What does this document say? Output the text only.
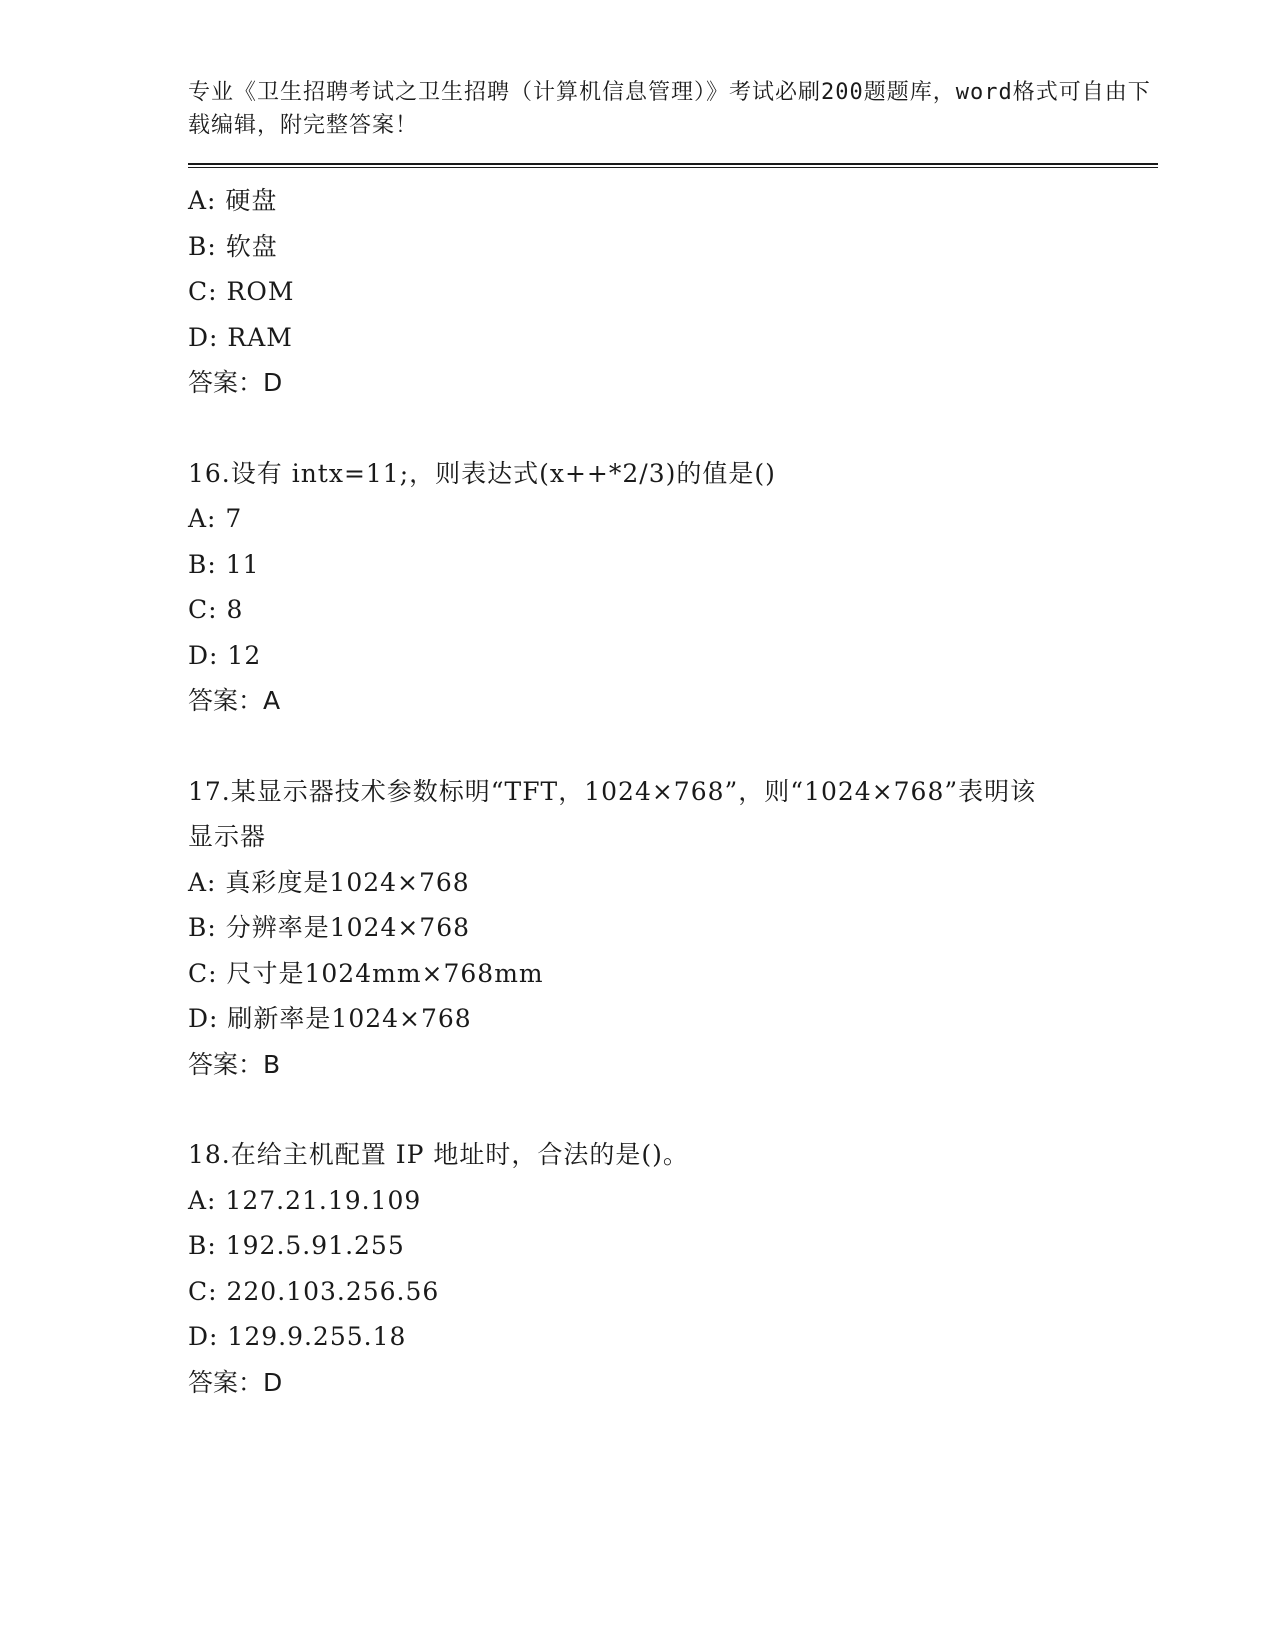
专业《卫生招聘考试之卫生招聘（计算机信息管理）》考试必刷200题题库，word格式可自由下载编辑，附完整答案！

A: 硬盘
B: 软盘
C: ROM
D: RAM
答案：D
16.设有 intx=11;，则表达式(x++*2/3)的值是()
A: 7
B: 11
C: 8
D: 12
答案：A
17.某显示器技术参数标明“TFT，1024×768”，则“1024×768”表明该显示器
A: 真彩度是1024×768
B: 分辨率是1024×768
C: 尺寸是1024mm×768mm
D: 刷新率是1024×768
答案：B
18.在给主机配置 IP 地址时，合法的是()。
A: 127.21.19.109
B: 192.5.91.255
C: 220.103.256.56
D: 129.9.255.18
答案：D
